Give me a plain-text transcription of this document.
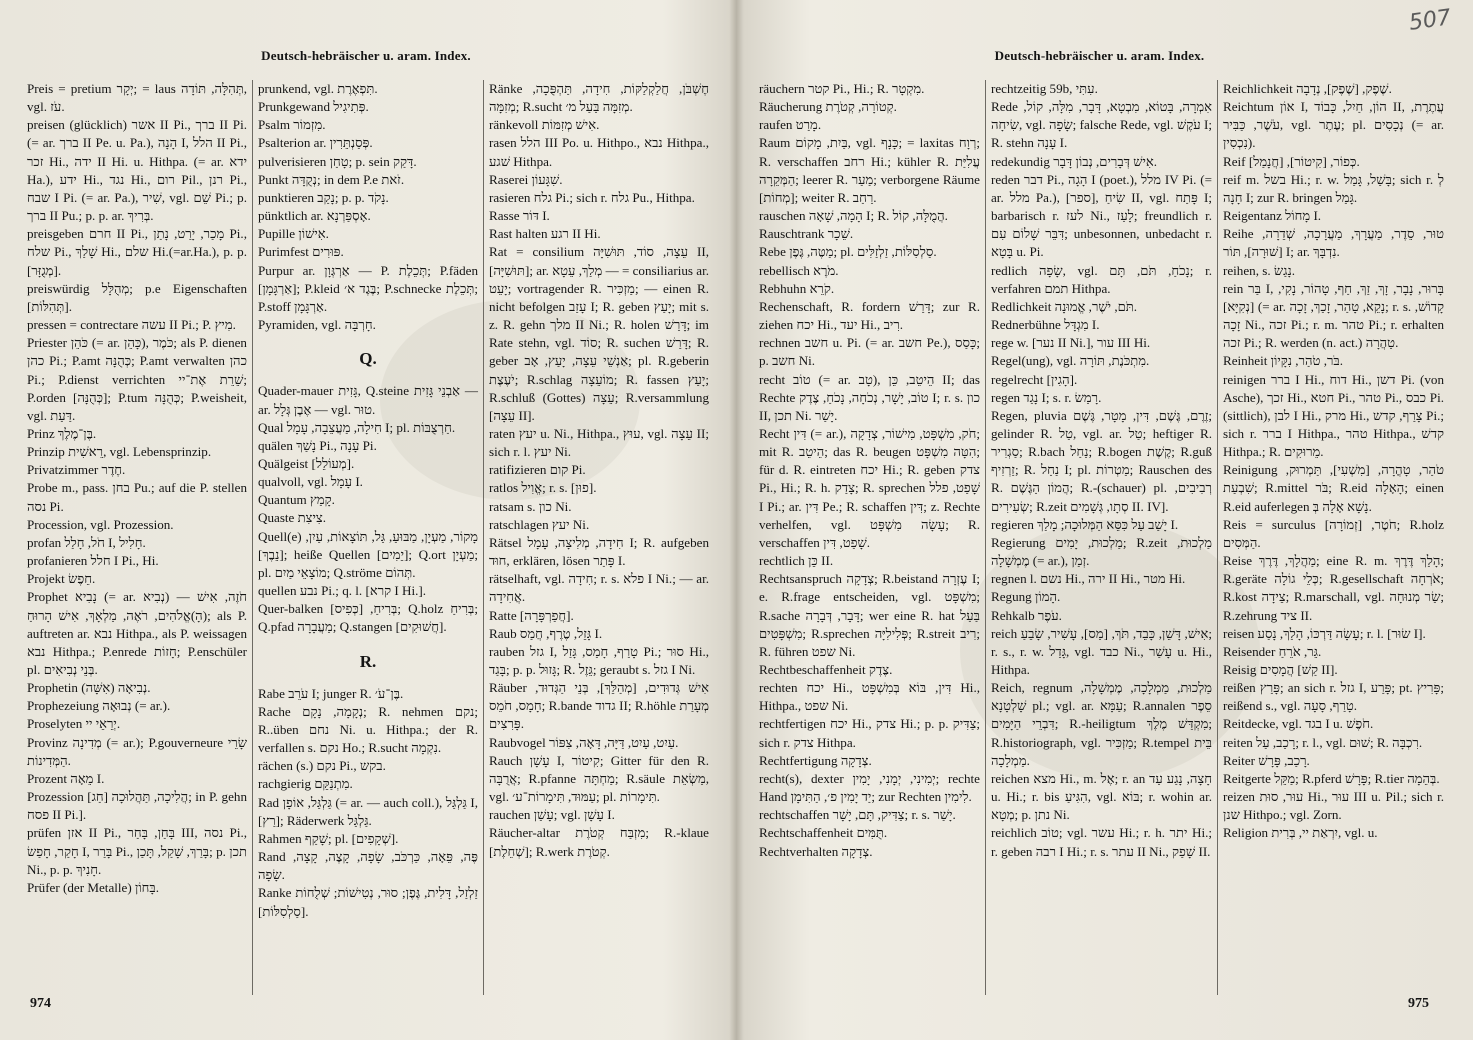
Deutsch-hebräischer u. aram. Index.
Preis = pretium יְקָר; = laus תְּהִלָּה, תּוֹדָה, vgl. עֹז.
preisen (glücklich) אשר II Pi., ברך II Pi. (= ar. ברך II Pe. u. Pa.), הָנָה I, הלל II Pi., זכר Hi., ידה II Hi. u. Hithpa. (= ar. ידא Ha.), ידע Hi., נגד Hi., רום Pil., רנן Pi., שבח I Pi. (= ar. Pa.), שִׁיר, vgl. שֵׁם Pi.; p. ברך II Pu.; p. p. ar. בְּרִיךְ.
preisgeben חרם II Pi., מָכַר, יָרַט, נָתַן Pi., שלח Pi., שָׁלַךְ Hi., שלם Hi.(=ar.Ha.), p. p. [מְגֻזָּר].
preiswürdig מְהֻלָּל; p.e Eigenschaften [תְּהִלּוֹת].
pressen = contrectare עשה II Pi.; P. מִיץ.
Priester כֹּהֵן (= ar. כָּהֵן), כֹּמֶר; als P. dienen כהן Pi.; P.amt כְּהֻנָּה; P.amt verwalten כהן Pi.; P.dienst verrichten שֵׁרֵת אֶת־יי; P.orden [כְּהֻנָּה]; P.tum כְּהֻנָּה; P.weisheit, vgl. דַּעַת.
Prinz בֶּן־מֶלֶךְ.
Prinzip רֵאשִׁית, vgl. Lebensprinzip.
Privatzimmer חֶדֶר.
Probe m., pass. בחן Pu.; auf die P. stellen נסה Pi.
Procession, vgl. Prozession.
profan חֹל, חָלַל I, חָלִיל.
profanieren חלל I Pi., Hi.
Projekt חֵפֶשׂ.
Prophet נָבִיא (= ar. נְבִיא) — חֹזֶה, אִישׁ (הָ)אֱלֹהִים, רֹאֶה, מַלְאָךְ, אִישׁ הָרוּחַ; als P. auftreten ar. נבא Hithpa., als P. weissagen נבא Hithpa.; P.enrede חָזוֹת; P.enschüler pl. בְּנֵי נְבִיאִים.
Prophetin נְבִיאָה (אִשָּׁה).
Prophezeiung נְבוּאָה (= ar.).
Proselyten יְרֵאֵי יי.
Provinz מְדִינָה (= ar.); P.gouverneure שָׂרֵי הַמְּדִינוֹת.
Prozent מֵאָה I.
Prozession הֲלִיכָה, תַּהֲלוּכָה [חַג]; in P. gehn פסח II Pi.].
prüfen אזן II Pi., בָּחַן, בָּחַר III, נסה Pi., חָקַר, חָפַשׂ I, בָּרַר Pi., בָּרַךְ, שָׁקַל, תָּכַן; p. תכן Ni., p. p. חָנִיךְ.
Prüfer (der Metalle) בָּחוֹן.
prunkend, vgl. תִּפְאֶרֶת.
Prunkgewand פְּתִיגִיל.
Psalm מִזְמוֹר.
Psalterion ar. פְּסַנְתֵּרִין.
pulverisieren טָחַן; p. sein דָּקַק.
Punkt נְקֻדָּה; in dem P.e זֹאת.
punktieren נָקַב; p. p. נָקֹד.
pünktlich ar. אָסְפַּרְנָא.
Pupille אִישׁוֹן.
Purimfest פּוּרִים.
Purpur ar. אַרְגְּוָן — P. תְּכֵלֶת; P.fäden [אַרְגָּמָן]; P.kleid בֶּגֶד א׳; P.schnecke תְּכֵלֶת; P.stoff אַרְגָּמָן.
Pyramiden, vgl. חָרְבָּה.
Q.
Quader-mauer גָּזִית, Q.steine אַבְנֵי גָּזִית — ar. אֶבֶן גְּלָל — vgl. טוּר.
Qual חִילָה, מַעֲצֵבָה, עָמָל I; pl. חַרְצֻבּוֹת.
quälen נָשַׁךְ Pi., עָנָה Pi.
Quälgeist [מְעוֹלֵל].
qualvoll, vgl. עָמָל I.
Quantum קָמַץ.
Quaste צִיצִת.
Quell(e) מָקוֹר, מַעְיָן, מַבּוּעַ, גַּל, תּוֹצָאוֹת, עַיִן, [נֵבֶךְ]; heiße Quellen [יֵמִים]; Q.ort מַעְיָן; pl. מוֹצָאֵי מַיִם; Q.ströme תְּהוֹם.
quellen נבע Pi.; q. l. [קרא I Hi.].
Quer-balken בְּרִיחַ, [כְּפִיס]; Q.holz בְּרִיחַ; Q.pfad מַעֲבָרָה; Q.stangen [חֲשׁוּקִים].
R.
Rabe עֹרֵב I; junger R. בֶּן־עֹ׳.
Rache נְקָמָה, נָקָם; R. nehmen נקם; R..üben נחם Ni. u. Hithpa.; der R. verfallen s. נקם Ho.; R.sucht נִקְמָה.
rächen (s.) נקם Pi., בקש.
rachgierig מִתְנַקֵּם.
Rad גַּלְגַּל, אוֹפָן (= ar. — auch coll.), גַּלְגַּל I, [רַץ]; Räderwerk גַּלְגַּל.
Rahmen שָׁקַף; pl. [שְׁקָפִים].
Rand פֶּה, פֵּאָה, כַּרְכֹּב, שָׂפָה, קָצֶה, קָצָה, שָׂפָה.
Ranke זַלְזַל, דָּלִית, גֶּפֶן; סוּר, נְטִישׁוֹת; שְׁלֻחוֹת [סַלְסִלּוֹת].
Ränke חֶשְׁבֹּן, חֲלַקְלַקּוֹת, חִידָה, תַּהְפֻּכָה, מְזִמָּה; R.sucht מְזִמָּה בַּעַל מ׳.
ränkevoll אִישׁ מְזִמּוֹת.
rasen הלל III Po. u. Hithpo., נבא Hithpa., שׁגע Hithpa.
Raserei שִׁגָּעוֹן.
rasieren גלח Pi.; sich r. גלח Pu., Hithpa.
Rasse דּוֹר I.
Rast halten רגע II Hi.
Rat = consilium עֵצָה, סוֹד, תּוּשִׁיָּה II, [תּוּשִׁיָּה]; ar. מְלַךְ, עֵטָא — = consiliarius ar. יָעֵט; vortragender R. מַזְכִּיר; — einen R. nicht befolgen עָזַב I; R. geben יָעַץ; mit s. z. R. gehn מלך II Ni.; R. holen דָּרַשׁ; im Rate stehn, vgl. סוֹד; R. suchen דָּרַשׁ; R. geber אַנְשֵׁי עֵצָה, יָעַץ, אָב; pl. R.geberin יֹעֶצֶת; R.schlag מוֹעֵצָה; R. fassen יָעַץ; R.schluß (Gottes) עֵצָה; R.versammlung [עֵצָה II].
raten יעץ u. Ni., Hithpa., עוּץ, vgl. עֵצָה II; sich r. l. יעץ Ni.
ratifizieren קום Pi.
ratlos אֱוִיל; r. s. [פוּן].
ratsam s. כון Ni.
ratschlagen יעץ Ni.
Rätsel חִידָה, מְלִיצָה, עָמָל I; R. aufgeben חוּד, erklären, lösen פָּתַר I.
rätselhaft, vgl. חִידָה; r. s. פלא I Ni.; — ar. אֲחִידָה.
Ratte [חֲפַרְפָּרָה].
Raub גָּזֵל, טֶרֶף, חֲמַס I.
rauben גזל I, טָרַף, חָמַס, גָּזַל Pi.; סוּר Hi., בָּגַד; p. p. גָּזוּל; R. גֵּזֶל; geraubt s. גזל I Ni.
Räuber אִישׁ גְּדוּדִים, [מְהַלֵּךְ], בְּנֵי הַגְּדוּד, חָמָס, חֹמֵס; R.bande גדוד II; R.höhle מְעָרַת פָּרִצִים.
Raubvogel עַיִט, עַיִט, דַּיָּה, דָּאָה, צִפּוֹר.
Rauch עָשָׁן I, קִיטוֹר; Gitter für den R. אֲרֻבָּה; R.pfanne מַחְתָּה; R.säule מַשְׂאֵת, vgl. עַמּוּד, תִּימָרוֹת־ע׳; pl. תִּימָרוֹת.
rauchen עָשַׁן; vgl. עָשָׁן I.
Räucher-altar מִזְבַּח קְטֹרֶת; R.-klaue [שְׁחֵלֶת]; R.werk קְטֹרֶת.
974
Deutsch-hebräischer u. aram. Index.
507
räuchern קטר Pi., Hi.; R. מִקְטָר.
Räucherung קְטוֹרָה, קְטֹרֶת.
raufen מָרַט.
Raum בַּיִת, מָקוֹם, vgl. כָּנָף; = laxitas רְוָח; R. verschaffen רחב Hi.; kühler R. עֲלִיַּת הַמְּקֵרָה; leerer R. מַעַר; verborgene Räume [מְחוֹת]; weiter R. רַחַב.
rauschen הָמָה, שָׁאָה I; R. הֲמֻלָּה, קוֹל.
Rauschtrank שֵׁכָר.
Rebe מַטֶּה, גֶּפֶן; pl. סַלְסִלּוֹת, זַלְזַלִּים.
rebellisch מֹרֶא.
Rebhuhn קֹרֵא.
Rechenschaft, R. fordern דָּרַשׁ; zur R. ziehen יכח Hi., יעד Hi., רִיב.
rechnen חשב u. Pi. (= ar. חשב Pe.), כָּסַס; p. חשב Ni.
recht טוֹב (= ar. טָב), הֵיטֵב, כֵּן II; das Rechte טוֹב, יָשָׁר, נְכֹחָה, נָכֹחַ, צֶדֶק I; r. s. כון II, תכן Ni. יָשַׁר.
Recht דִּין (= ar.), חֹק, מִשְׁפָּט, מִישׁוֹר, צְדָקָה; mit R. הֵיטֵב; das R. beugen הִטָּה מִשְׁפָּט; für d. R. eintreten יכח Hi.; R. geben צדק Pi., Hi.; R. h. צָדַק; R. sprechen שָׁפַט, פלל I Pi.; ar. דִּין Pe.; R. schaffen דִּין; z. Rechte verhelfen, vgl. עָשָׂה מִשְׁפָּט; R. verschaffen שָׁפַט, דִּין.
rechtlich כֵּן II.
Rechtsanspruch צְדָקָה; R.beistand עֶזְרָה I; e. R.frage entscheiden, vgl. מִשְׁפָּט; R.sache דָּבָר, דְּבָרָה; wer eine R. hat בַּעַל מִשְׁפָּטִים; R.sprechen פְּלִילִיָּה; R.streit רִיב; R. führen שפט Ni.
Rechtbeschaffenheit צֶדֶק.
rechten יכח Hi., דִּין, בּוֹא בְּמִשְׁפָּט Hi., Hithpa., שפט Ni.
rechtfertigen יכח Hi., צדק Hi.; p. p. צַדִּיק; sich r. צדק Hithpa.
Rechtfertigung צְדָקָה.
recht(s), dexter יְמִינִי, יְמָנִי, יָמִין; rechte Hand יַד יָמִין פ׳, הַתִּימָן; zur Rechten לִימִין.
rechtschaffen צַדִּיק, תָּם, יָשָׁר; r. s. יָשַׁר.
Rechtschaffenheit תֻּמִּים.
Rechtverhalten צְדָקָה.
rechtzeitig 59b, עִתִּי.
Rede אִמְרָה, בָּטוֹא, מִבְטָא, דָּבָר, מִלָּה, קוֹל, שִׂיחָה, vgl. שָׂפָה; falsche Rede, vgl. עֹקֶשׁ I; R. stehn עָנָה I.
redekundig אִישׁ דְּבָרִים, נְבוֹן דָּבָר.
reden דבר Pi., הָגָה I (poet.), מלל IV Pi. (= ar. מלל Pa.), [ספר], שִׂיחַ II, vgl. פָּתַח I; barbarisch r. לעז Ni., לָעַז; freundlich r. דִּבֵּר שָׁלוֹם עִם; unbesonnen, unbedacht r. בָּטָא u. Pi.
redlich שָׂפָה, vgl. נָכֹחַ, תֹּם, תָּם; r. verfahren תמם Hithpa.
Redlichkeit תֹּם, יֹשֶׁר, אֱמוּנָה.
Rednerbühne מִגְדָּל I.
rege w. [נער II Ni.], עור III Hi.
Regel(ung), vgl. מִתְכֹּנֶת, תּוֹרָה.
regelrecht [הָגִין].
regen נָגַד I; s. r. רָמַשׂ.
Regen, pluvia זֶרֶם, גֶּשֶׁם, דִּין, מָטָר, גֶּשֶׁם; gelinder R. טַל, vgl. ar. טַל; heftiger R. סַגְרִיר; R.bach נַחַל; R.bogen קֶשֶׁת; R.guß זַרְזִיף; R. נַחַל I; pl. מַטְרוֹת; Rauschen des R. הֲמוֹן הַגֶּשֶׁם; R.-(schauer) pl. רְבִיבִים, שְׂעִירִים; R.zeit סְתָו, גְּשָׁמִים II. IV].
regieren יָשַׁב עַל כִּסֵּא הַמְּלוּכָה; מָלַךְ I.
Regierung מַלְכוּת, יָמִים; R.zeit מַלְכוּת, מֶמְשָׁלָה (= ar.), זְמַן.
regnen l. נשם Hi., ירה II Hi., מטר Hi.
Regung הָמוֹן.
Rehkalb עֹפֶר.
reich אִישׁ, דָּשֵׁן, כָּבֵד, תֹּךְ, [מַס], עָשִׁיר, שָׂבֵעַ; r. s., r. w. גָּדַל, vgl. כבד Ni., עָשַׁר u. Hi., Hithpa.
Reich, regnum מַלְכוּת, מַמְלָכָה, מֶמְשָׁלָה, שָׁלְטָנָא pl.; vgl. ar. עַמָּא; R.annalen סֵפֶר דִּבְרֵי הַיָּמִים; R.-heiligtum מִקְדַּשׁ מֶלֶךְ; R.historiograph, vgl. מַזְכִּיר; R.tempel בֵּית מַמְלָכָה.
reichen מצא Hi., m. אֶל; r. an חָצָה, נָגַע עַד u. Hi.; r. bis הִגִּיעַ, vgl. בּוֹא; r. wohin ar. מְטָא; p. נתן Ni.
reichlich טוֹב; vgl. עשר Hi.; r. h. יתר Hi.; r. geben רבה I Hi.; r. s. עתר II Ni., שָׁפַק II.
Reichlichkeit שֶׁפֶק, [שֶׁפֶק], נְדָבָה.
Reichtum אוֹן I, הוֹן, חַיִל, כָּבוֹד II, עֲתֶרֶת, עֹשֶׁר, כַּבִּיר, vgl. עֶתֶר; pl. נְכָסִים (= ar. נִכְסִין).
Reif כְּפוֹר, [קִיטוֹר], [חֲנָמַל].
reif m. בשל Hi.; r. w. בָּשַׁל, גָּמַל; sich r. לְ חָנָה I; zur R. bringen גָּמַל.
Reigentanz מָחוֹל I.
Reihe טוּר, סֵדֶר, מַעֲרָךְ, מַעֲרָכָה, שְׁדֵרָה, [שׁוּרָה], תּוֹר I; ar. נִדְבָּךְ.
reihen, s. נָגַשׂ.
rein בַּר I, בָּרוּר, נָבָר, זָךְ, זַךְ, חַף, טָהוֹר, נָקִי, [נְקִיָּא] (= ar. נָקֵא, טָהַר, זָכַךְ, זָכָה; r. s. קָדוֹשׁ, זָכָה Ni., זכה Pi.; r. m. טהר Pi.; r. erhalten זכה Pi.; R. werden (n. act.) טַהֲרָה.
Reinheit בֹּר, טֹהַר, נִקָּיוֹן.
reinigen ברר I Hi., דוח Hi., דשן Pi. (von Asche), זכך Hi., חטא Pi., טהר Pi., כבס Pi. (sittlich), לבן I Hi., מרק Hi., צָרַף, קדש Pi.; sich r. ברר I Hithpa., טהר Hithpa., קדשׁ Hithpa.; R. מֵרוּקִים.
Reinigung טֹהַר, טָהֳרָה, [מִשְׁעִי], תַּמְרוּק, שִׁבְעַת; R.mittel בֹּר; R.eid הָאָלָה; einen R.eid auferlegen נָשָׁא אָלָה בְּ.
Reis = surculus חֹטֶר, [זְמוֹרָה]; R.holz הַמְּסִים.
Reise מַהֲלָךְ, דֶּרֶךְ; eine R. m. הָלַךְ דֶּרֶךְ; R.geräte כְּלֵי גוֹלָה; R.gesellschaft אֹרְחָה; R.kost צֵידָה; R.marschall, vgl. שַׂר מְנוּחָה; R.zehrung ציד II.
reisen עָשָׂה דַּרְכּוֹ, הָלַךְ, נָסַע; r. l. [שׂוּר I].
Reisender גֵּר, אֹרֵחַ.
Reisig הֲמָסִים [קַשׁ II].
reißen פָּרַץ; an sich r. גזל I, פָּרַע; pt. פָּרִיץ; reißend s., vgl. טָרַף, סָעָה.
Reitdecke, vgl. בגד I u. חֹפֶשׁ.
reiten רָכַב, עַל; r. l., vgl. שׁוּם; R. רִכְבָּה.
Reiter רָכַב, פָּרָשׁ.
Reitgerte מַקֵּל; R.pferd פָּרָשׁ; R.tier בְּהֵמָה.
reizen עוּר, סוּת Hi., עוּר III u. Pil.; sich r. שנן Hithpo.; vgl. Zorn.
Religion יִרְאַת יי, בְּרִית, vgl. u.
975
